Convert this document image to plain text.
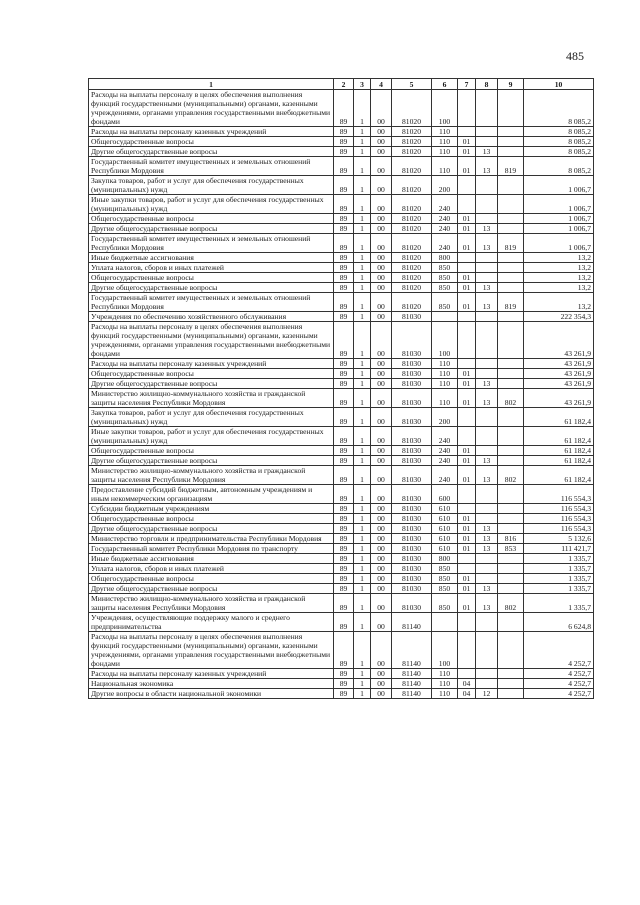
485
1	2	3	4	5	6	7	8	9	10
Расходы на выплаты персоналу в целях обеспечения выполнения функций государственными (муниципальными) органами, казенными учреждениями, органами управления государственными внебюджетными фондами	89	1	00	81020	100				8 085,2
Расходы на выплаты персоналу казенных учреждений	89	1	00	81020	110				8 085,2
Общегосударственные вопросы	89	1	00	81020	110	01			8 085,2
Другие общегосударственные вопросы	89	1	00	81020	110	01	13		8 085,2
Государственный комитет имущественных и земельных отношений Республики Мордовия	89	1	00	81020	110	01	13	819	8 085,2
Закупка товаров, работ и услуг для обеспечения государственных (муниципальных) нужд	89	1	00	81020	200				1 006,7
Иные закупки товаров, работ и услуг для обеспечения государственных (муниципальных) нужд	89	1	00	81020	240				1 006,7
Общегосударственные вопросы	89	1	00	81020	240	01			1 006,7
Другие общегосударственные вопросы	89	1	00	81020	240	01	13		1 006,7
Государственный комитет имущественных и земельных отношений Республики Мордовия	89	1	00	81020	240	01	13	819	1 006,7
Иные бюджетные ассигнования	89	1	00	81020	800				13,2
Уплата налогов, сборов и иных платежей	89	1	00	81020	850				13,2
Общегосударственные вопросы	89	1	00	81020	850	01			13,2
Другие общегосударственные вопросы	89	1	00	81020	850	01	13		13,2
Государственный комитет имущественных и земельных отношений Республики Мордовия	89	1	00	81020	850	01	13	819	13,2
Учреждения по обеспечению хозяйственного обслуживания	89	1	00	81030					222 354,3
Расходы на выплаты персоналу в целях обеспечения выполнения функций государственными (муниципальными) органами, казенными учреждениями, органами управления государственными внебюджетными фондами	89	1	00	81030	100				43 261,9
Расходы на выплаты персоналу казенных учреждений	89	1	00	81030	110				43 261,9
Общегосударственные вопросы	89	1	00	81030	110	01			43 261,9
Другие общегосударственные вопросы	89	1	00	81030	110	01	13		43 261,9
Министерство жилищно-коммунального хозяйства и гражданской защиты населения Республики Мордовия	89	1	00	81030	110	01	13	802	43 261,9
Закупка товаров, работ и услуг для обеспечения государственных (муниципальных) нужд	89	1	00	81030	200				61 182,4
Иные закупки товаров, работ и услуг для обеспечения государственных (муниципальных) нужд	89	1	00	81030	240				61 182,4
Общегосударственные вопросы	89	1	00	81030	240	01			61 182,4
Другие общегосударственные вопросы	89	1	00	81030	240	01	13		61 182,4
Министерство жилищно-коммунального хозяйства и гражданской защиты населения Республики Мордовия	89	1	00	81030	240	01	13	802	61 182,4
Предоставление субсидий бюджетным, автономным учреждениям и иным некоммерческим организациям	89	1	00	81030	600				116 554,3
Субсидии бюджетным учреждениям	89	1	00	81030	610				116 554,3
Общегосударственные вопросы	89	1	00	81030	610	01			116 554,3
Другие общегосударственные вопросы	89	1	00	81030	610	01	13		116 554,3
Министерство торговли и предпринимательства Республики Мордовия	89	1	00	81030	610	01	13	816	5 132,6
Государственный комитет Республики Мордовия по транспорту	89	1	00	81030	610	01	13	853	111 421,7
Иные бюджетные ассигнования	89	1	00	81030	800				1 335,7
Уплата налогов, сборов и иных платежей	89	1	00	81030	850				1 335,7
Общегосударственные вопросы	89	1	00	81030	850	01			1 335,7
Другие общегосударственные вопросы	89	1	00	81030	850	01	13		1 335,7
Министерство жилищно-коммунального хозяйства и гражданской защиты населения Республики Мордовия	89	1	00	81030	850	01	13	802	1 335,7
Учреждения, осуществляющие поддержку малого и среднего предпринимательства	89	1	00	81140					6 624,8
Расходы на выплаты персоналу в целях обеспечения выполнения функций государственными (муниципальными) органами, казенными учреждениями, органами управления государственными внебюджетными фондами	89	1	00	81140	100				4 252,7
Расходы на выплаты персоналу казенных учреждений	89	1	00	81140	110				4 252,7
Национальная экономика	89	1	00	81140	110	04			4 252,7
Другие вопросы в области национальной экономики	89	1	00	81140	110	04	12		4 252,7
